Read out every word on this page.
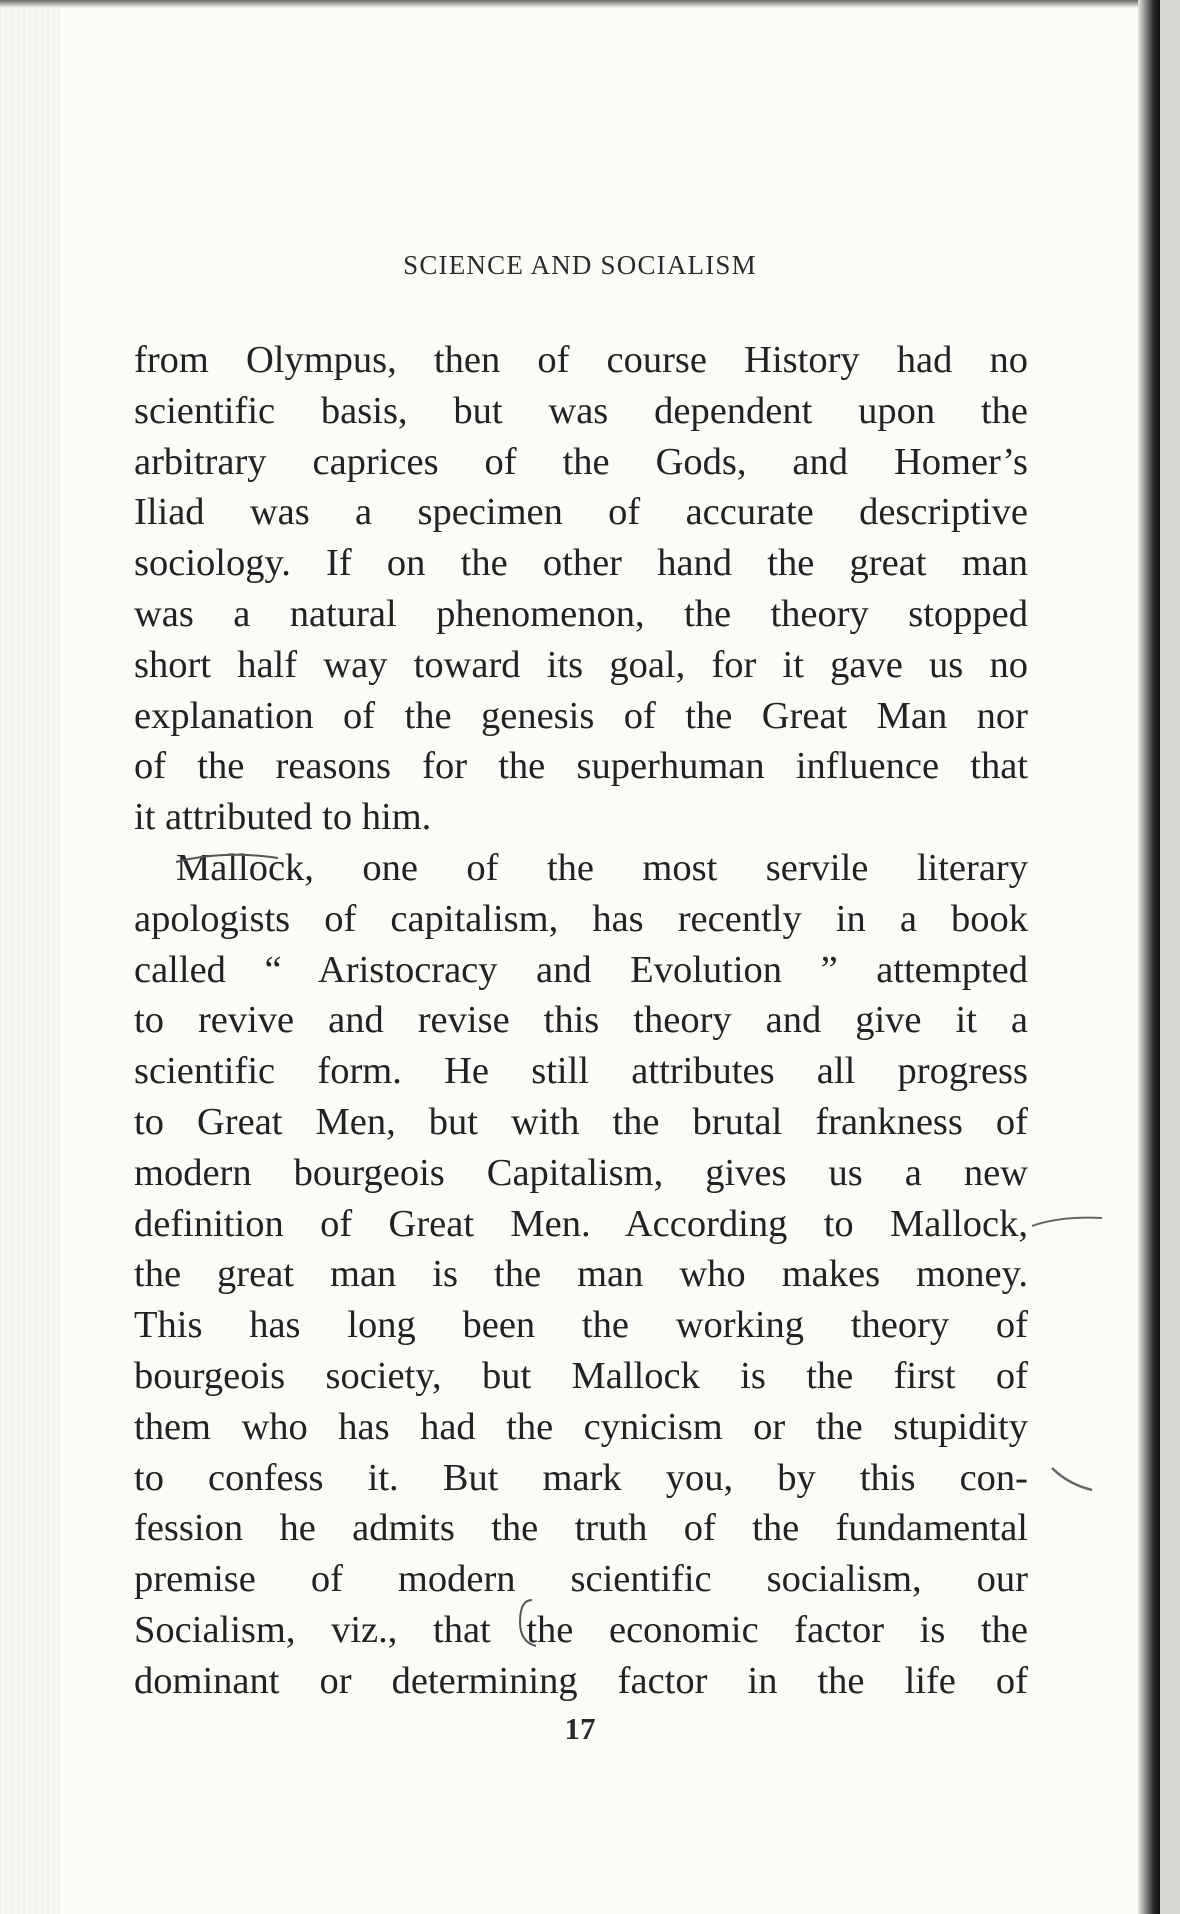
SCIENCE AND SOCIALISM
from Olympus, then of course History had no
scientific basis, but was dependent upon the
arbitrary caprices of the Gods, and Homer’s
Iliad was a specimen of accurate descriptive
sociology. If on the other hand the great man
was a natural phenomenon, the theory stopped
short half way toward its goal, for it gave us no
explanation of the genesis of the Great Man nor
of the reasons for the superhuman influence that
it attributed to him.
Mallock, one of the most servile literary
apologists of capitalism, has recently in a book
called “ Aristocracy and Evolution ” attempted
to revive and revise this theory and give it a
scientific form. He still attributes all progress
to Great Men, but with the brutal frankness of
modern bourgeois Capitalism, gives us a new
definition of Great Men. According to Mallock,
the great man is the man who makes money.
This has long been the working theory of
bourgeois society, but Mallock is the first of
them who has had the cynicism or the stupidity
to confess it. But mark you, by this con-
fession he admits the truth of the fundamental
premise of modern scientific socialism, our
Socialism, viz., that the economic factor is the
dominant or determining factor in the life of
17
